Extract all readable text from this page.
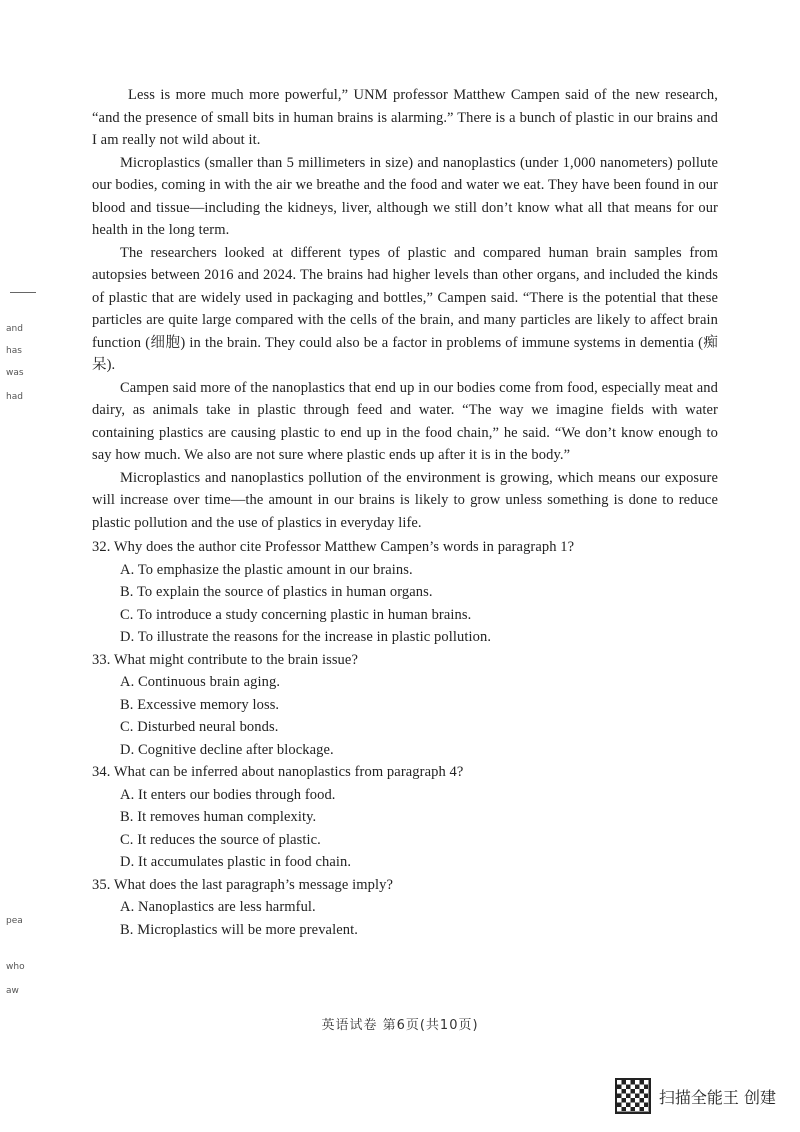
and
has
was
had
pea
who
aw

Less is more much more powerful,” UNM professor Matthew Campen said of the new research, “and the presence of small bits in human brains is alarming.” There is a bunch of plastic in our brains and I am really not wild about it.

Microplastics (smaller than 5 millimeters in size) and nanoplastics (under 1,000 nanometers) pollute our bodies, coming in with the air we breathe and the food and water we eat. They have been found in our blood and tissue—including the kidneys, liver, although we still don’t know what all that means for our health in the long term.

The researchers looked at different types of plastic and compared human brain samples from autopsies between 2016 and 2024. The brains had higher levels than other organs, and included the kinds of plastic that are widely used in packaging and bottles,” Campen said. “There is the potential that these particles are quite large compared with the cells of the brain, and many particles are likely to affect brain function (细胞) in the brain. They could also be a factor in problems of immune systems in dementia (痴呆).

Campen said more of the nanoplastics that end up in our bodies come from food, especially meat and dairy, as animals take in plastic through feed and water. “The way we imagine fields with water containing plastics are causing plastic to end up in the food chain,” he said. “We don’t know enough to say how much. We also are not sure where plastic ends up after it is in the body.”

Microplastics and nanoplastics pollution of the environment is growing, which means our exposure will increase over time—the amount in our brains is likely to grow unless something is done to reduce plastic pollution and the use of plastics in everyday life.

32. Why does the author cite Professor Matthew Campen’s words in paragraph 1?
A. To emphasize the plastic amount in our brains.
B. To explain the source of plastics in human organs.
C. To introduce a study concerning plastic in human brains.
D. To illustrate the reasons for the increase in plastic pollution.
33. What might contribute to the brain issue?
A. Continuous brain aging.
B. Excessive memory loss.
C. Disturbed neural bonds.
D. Cognitive decline after blockage.
34. What can be inferred about nanoplastics from paragraph 4?
A. It enters our bodies through food.
B. It removes human complexity.
C. It reduces the source of plastic.
D. It accumulates plastic in food chain.
35. What does the last paragraph’s message imply?
A. Nanoplastics are less harmful.
B. Microplastics will be more prevalent.
英语试卷 第6页(共10页)
扫描全能王 创建
